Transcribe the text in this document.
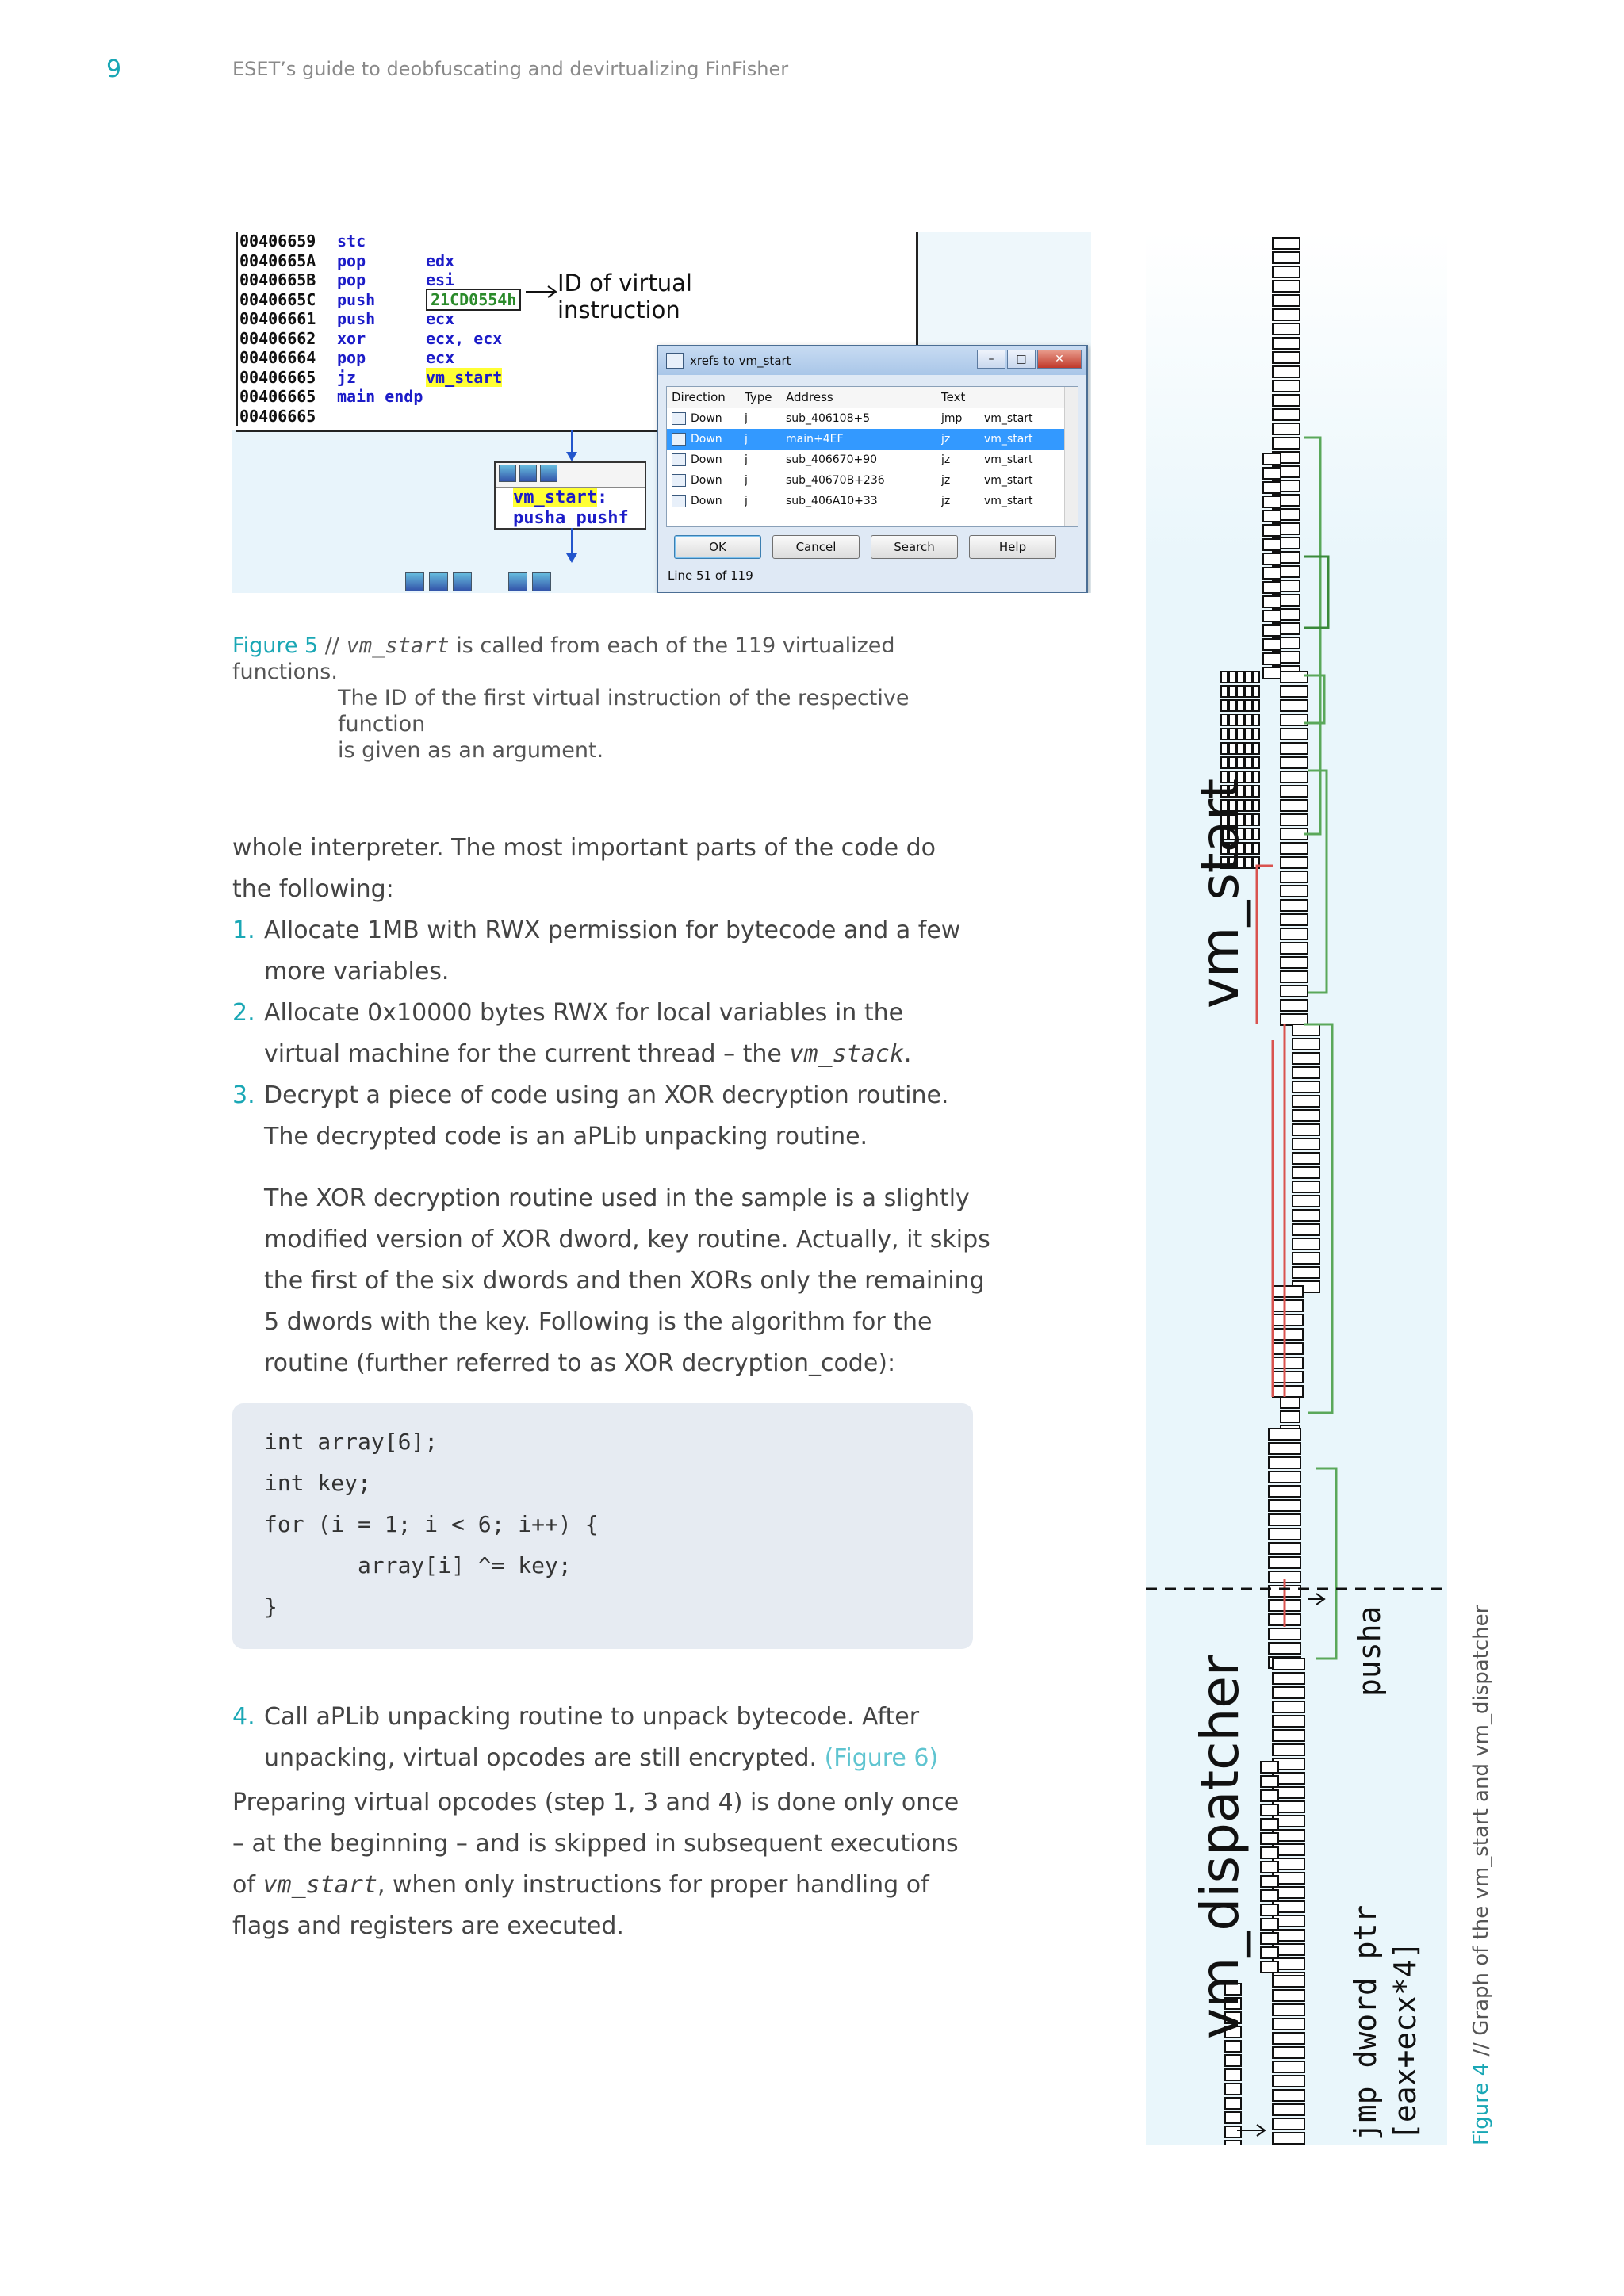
9	ESET’s guide to deobfuscating and devirtualizing FinFisher
00406659	stc
0040665A	pop	edx
0040665B	pop	esi
0040665C	push	21CD0554h
00406661	push	ecx
00406662	xor	ecx, ecx
00406664	pop	ecx
00406665	jz	vm_start
00406665	main endp
00406665
ID of virtual
instruction
vm_start:
pusha pushf
xrefs to vm_start	–	□	✕
Direction	Type	Address	Text
Down	j	sub_406108+5	jmp	vm_start
Down	j	main+4EF	jz	vm_start
Down	j	sub_406670+90	jz	vm_start
Down	j	sub_40670B+236	jz	vm_start
Down	j	sub_406A10+33	jz	vm_start
OK	Cancel	Search	Help
Line 51 of 119
Figure 5 // vm_start is called from each of the 119 virtualized functions.
The ID of the first virtual instruction of the respective function
is given as an argument.
whole interpreter. The most important parts of the code do the following:
1. Allocate 1MB with RWX permission for bytecode and a few more variables.
2. Allocate 0x10000 bytes RWX for local variables in the virtual machine for the current thread – the vm_stack.
3. Decrypt a piece of code using an XOR decryption routine. The decrypted code is an aPLib unpacking routine.
The XOR decryption routine used in the sample is a slightly modified version of XOR dword, key routine. Actually, it skips the first of the six dwords and then XORs only the remaining 5 dwords with the key. Following is the algorithm for the routine (further referred to as XOR decryption_code):
int array[6];
int key;
for (i = 1; i < 6; i++) {
array[i] ^= key;
}
4. Call aPLib unpacking routine to unpack bytecode. After unpacking, virtual opcodes are still encrypted. (Figure 6)
Preparing virtual opcodes (step 1, 3 and 4) is done only once – at the beginning – and is skipped in subsequent executions of vm_start, when only instructions for proper handling of flags and registers are executed.
vm_start
vm_dispatcher
pusha
jmp dword ptr [eax+ecx*4] Figure 4 // Graph of the vm_start and vm_dispatcher
